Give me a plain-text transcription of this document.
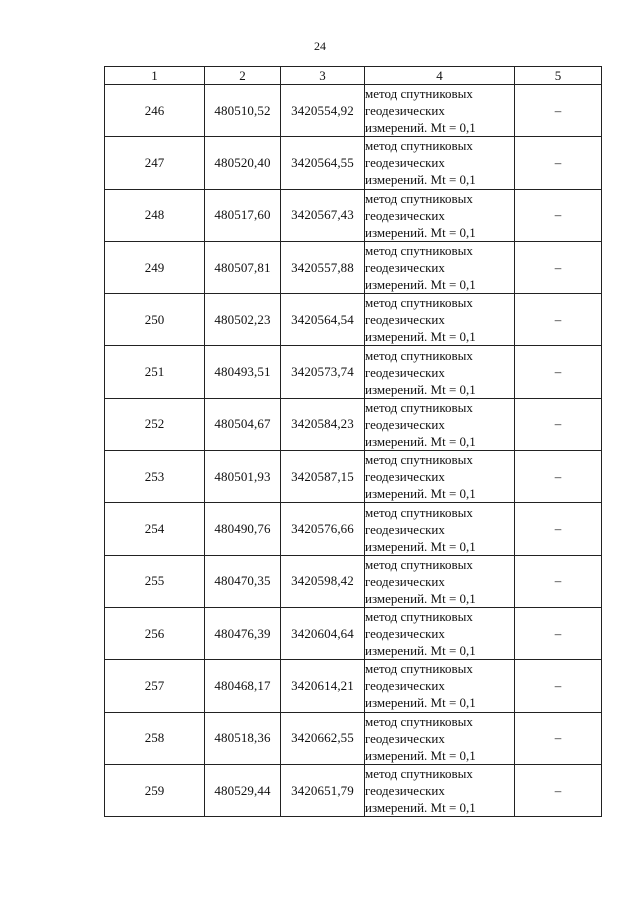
24
1	2	3	4	5
246	480510,52	3420554,92	метод спутниковых
геодезических
измерений. Mt = 0,1	–
247	480520,40	3420564,55	метод спутниковых
геодезических
измерений. Mt = 0,1	–
248	480517,60	3420567,43	метод спутниковых
геодезических
измерений. Mt = 0,1	–
249	480507,81	3420557,88	метод спутниковых
геодезических
измерений. Mt = 0,1	–
250	480502,23	3420564,54	метод спутниковых
геодезических
измерений. Mt = 0,1	–
251	480493,51	3420573,74	метод спутниковых
геодезических
измерений. Mt = 0,1	–
252	480504,67	3420584,23	метод спутниковых
геодезических
измерений. Mt = 0,1	–
253	480501,93	3420587,15	метод спутниковых
геодезических
измерений. Mt = 0,1	–
254	480490,76	3420576,66	метод спутниковых
геодезических
измерений. Mt = 0,1	–
255	480470,35	3420598,42	метод спутниковых
геодезических
измерений. Mt = 0,1	–
256	480476,39	3420604,64	метод спутниковых
геодезических
измерений. Mt = 0,1	–
257	480468,17	3420614,21	метод спутниковых
геодезических
измерений. Mt = 0,1	–
258	480518,36	3420662,55	метод спутниковых
геодезических
измерений. Mt = 0,1	–
259	480529,44	3420651,79	метод спутниковых
геодезических
измерений. Mt = 0,1	–
